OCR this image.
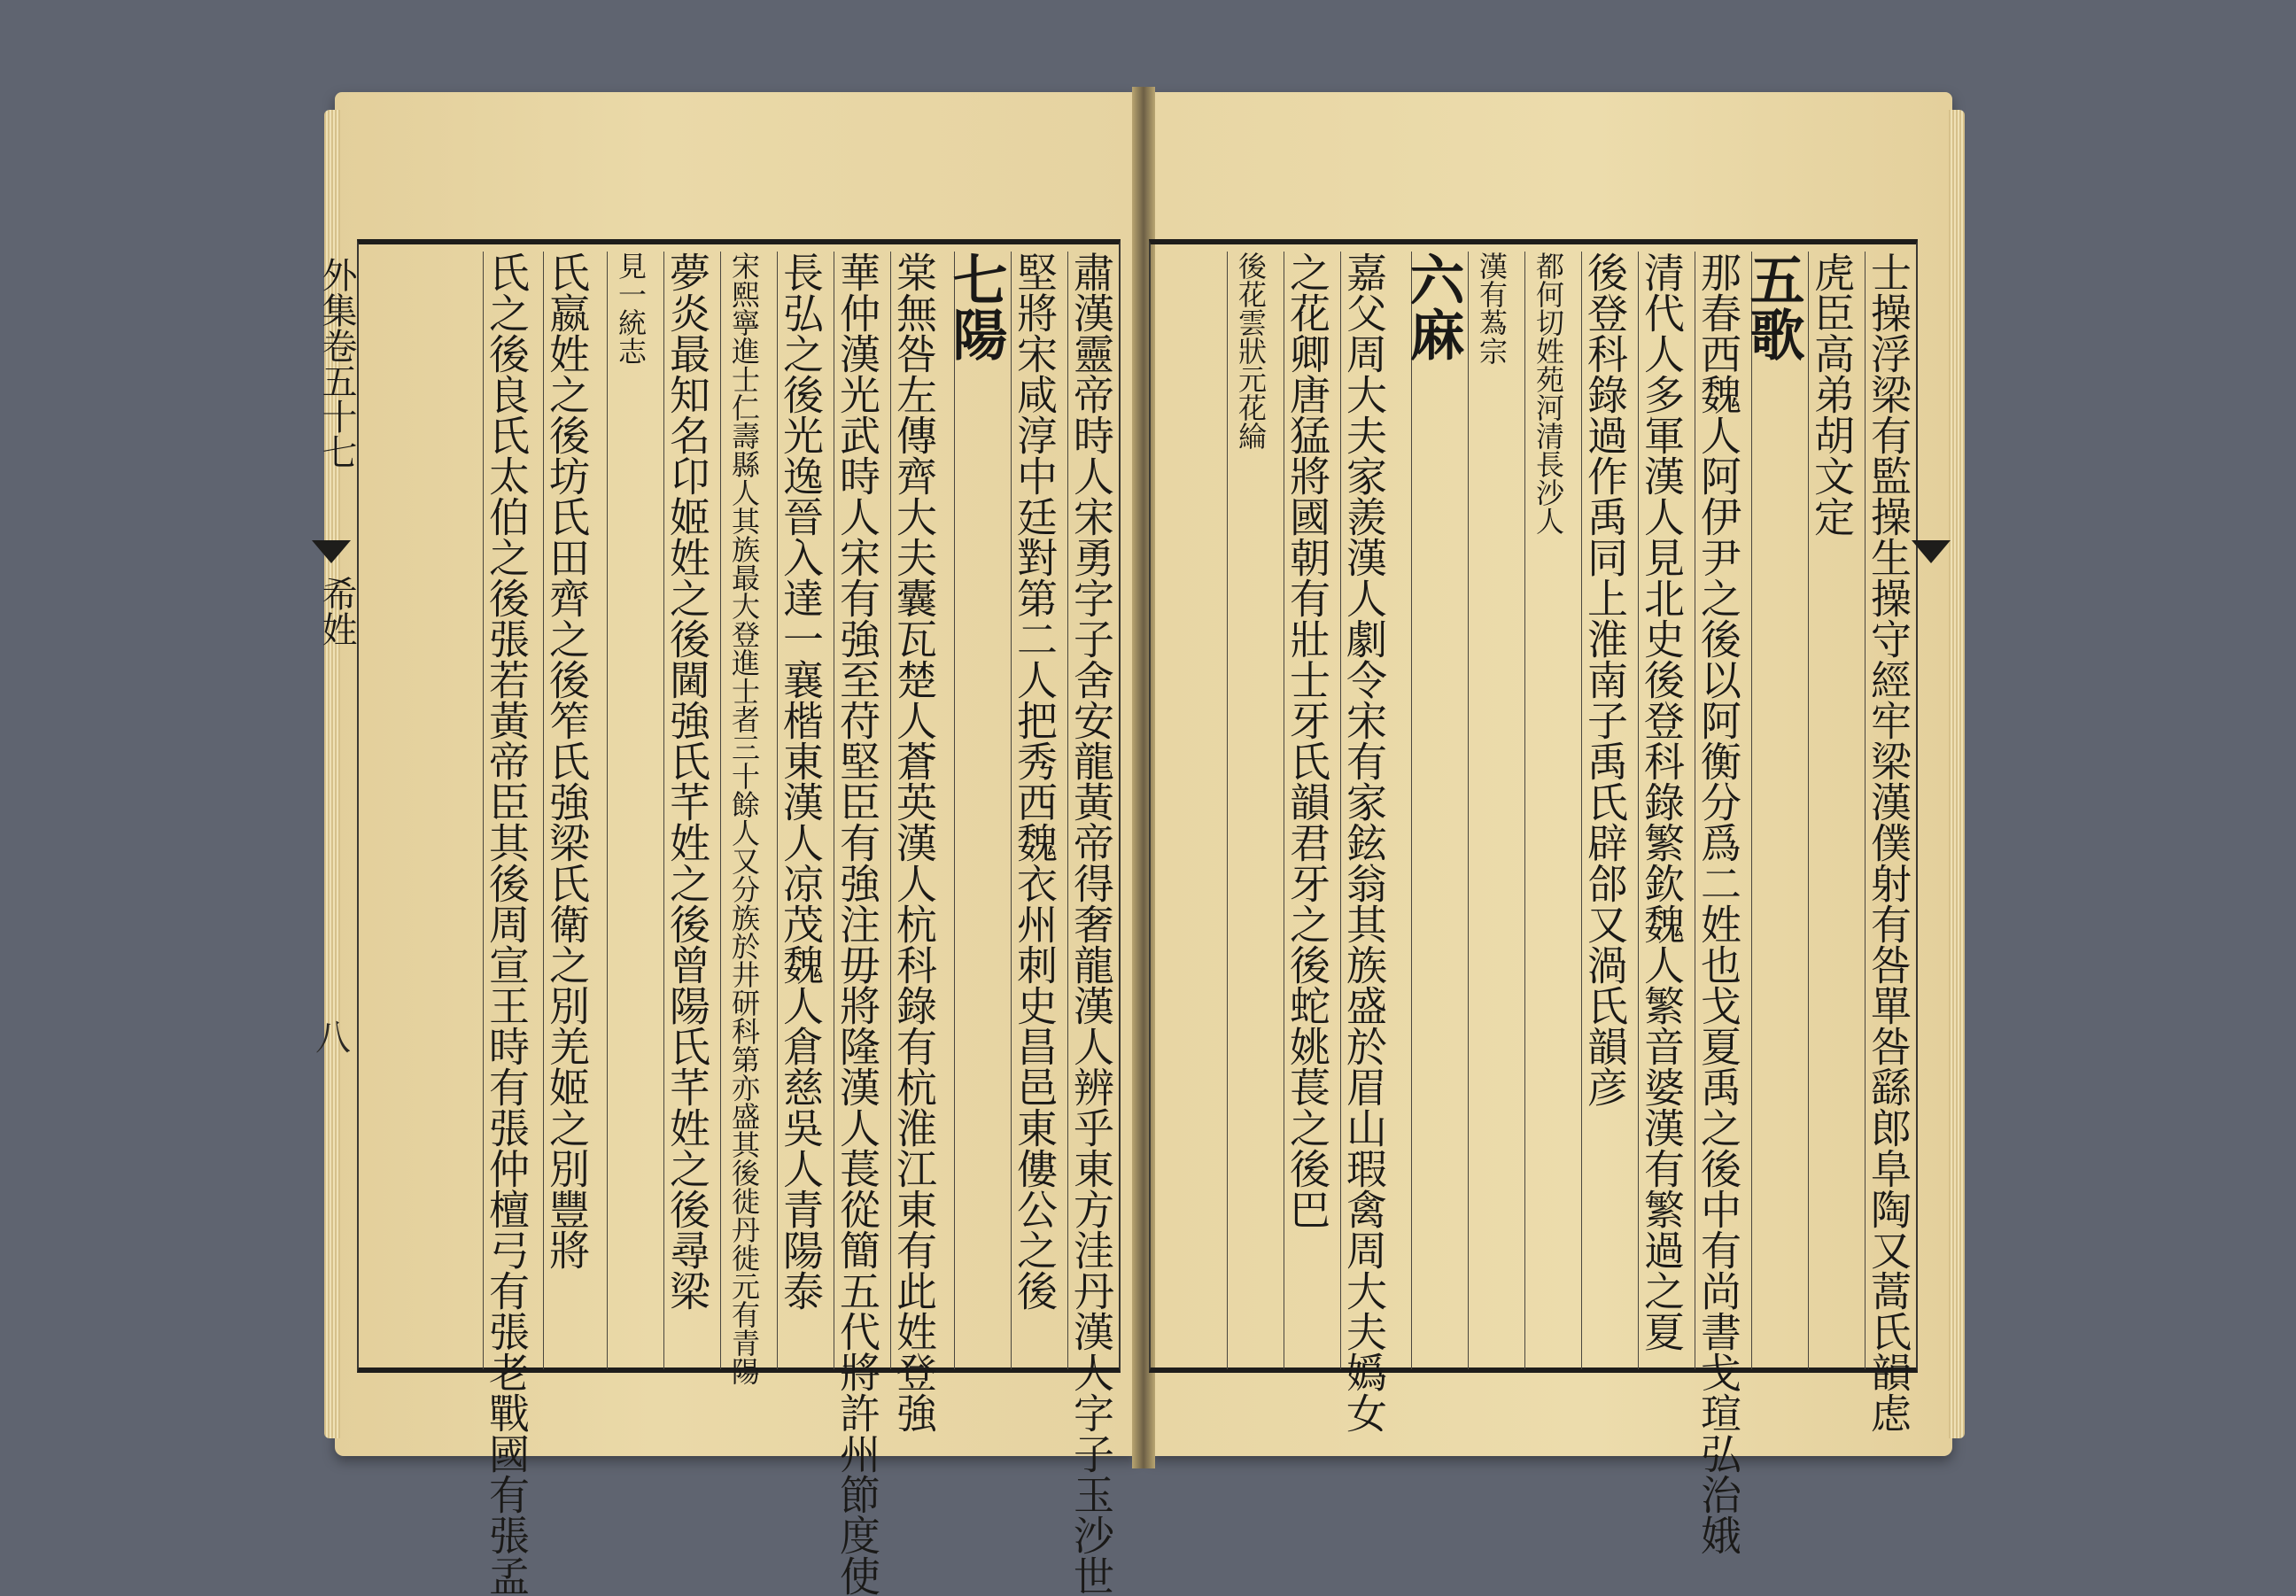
士操浮梁有監操生操守經牢梁漢僕射有咎單咎繇郎阜陶又蒿氏韻虑
虎臣高弟胡文定
五歌
那春西魏人阿伊尹之後以阿衡分爲二姓也戈夏禹之後中有尚書戈瑄弘治娥
清代人多軍漢人見北史後登科錄繁欽魏人繁音婆漢有繁過之夏
後登科錄過作禹同上淮南子禹氏辟郃又渦氏韻彦
都何切姓苑河清長沙人
漢有蒍宗
六麻
嘉父周大夫家羨漢人劇令宋有家鉉翁其族盛於眉山瑕禽周大夫嬀女
之花卿唐猛將國朝有壯士牙氏韻君牙之後蛇姚萇之後巴
後花雲狀元花綸
肅漢靈帝時人宋勇字子舍安龍黃帝得奢龍漢人辨乎東方洼丹漢人字子玉沙世
堅將宋咸淳中廷對第二人把秀西魏衣州刺史昌邑東僂公之後
七陽
棠無咎左傳齊大夫囊瓦楚人蒼英漢人杭科錄有杭淮江東有此姓登強
華仲漢光武時人宋有強至苻堅臣有強注毋將隆漢人萇從簡五代將許州節度使
長弘之後光逸晉入達一襄楷東漢人凉茂魏人倉慈吳人青陽泰
宋熙寧進士仁壽縣人其族最大登進士者三十餘人又分族於井研科第亦盛其後徙丹徙元有青陽
夢炎最知名卬姬姓之後閫強氏芊姓之後曾陽氏芊姓之後尋梁
見一統志
氏嬴姓之後坊氏田齊之後笮氏強梁氏衛之別羌姬之別豐將
氏之後良氏太伯之後張若黃帝臣其後周宣王時有張仲檀弓有張老戰國有張孟
外集卷五十七
希姓
八
